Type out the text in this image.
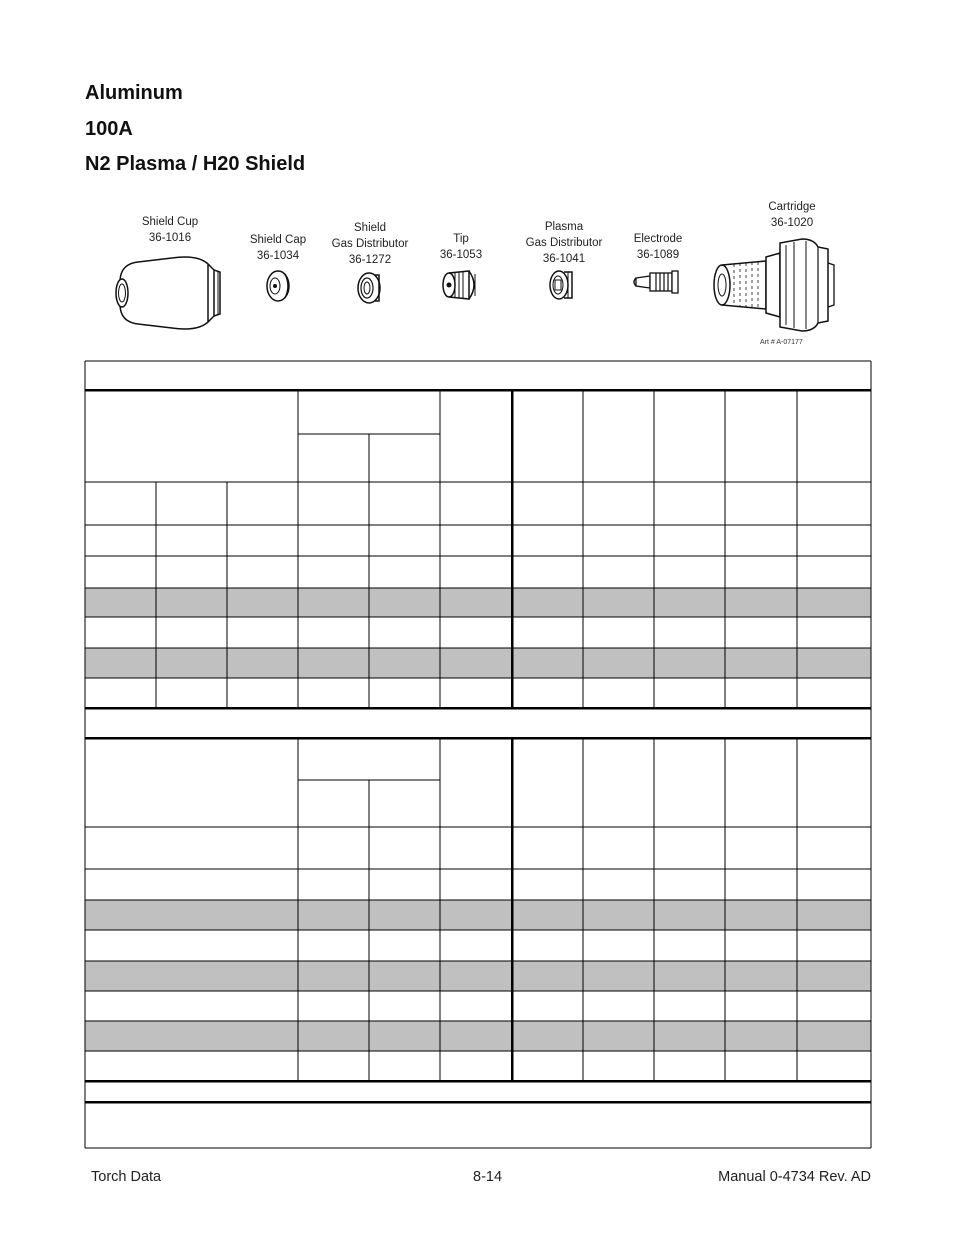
Aluminum
100A
N2 Plasma / H20 Shield
Shield Cup
36-1016	Shield Cap
36-1034
Shield
Gas Distributor
36-1272
Tip
36-1053
Plasma
Gas Distributor
36-1041
Electrode
36-1089
Cartridge
36-1020
Art # A-07177
Torch Data	8-14	Manual 0-4734 Rev. AD
